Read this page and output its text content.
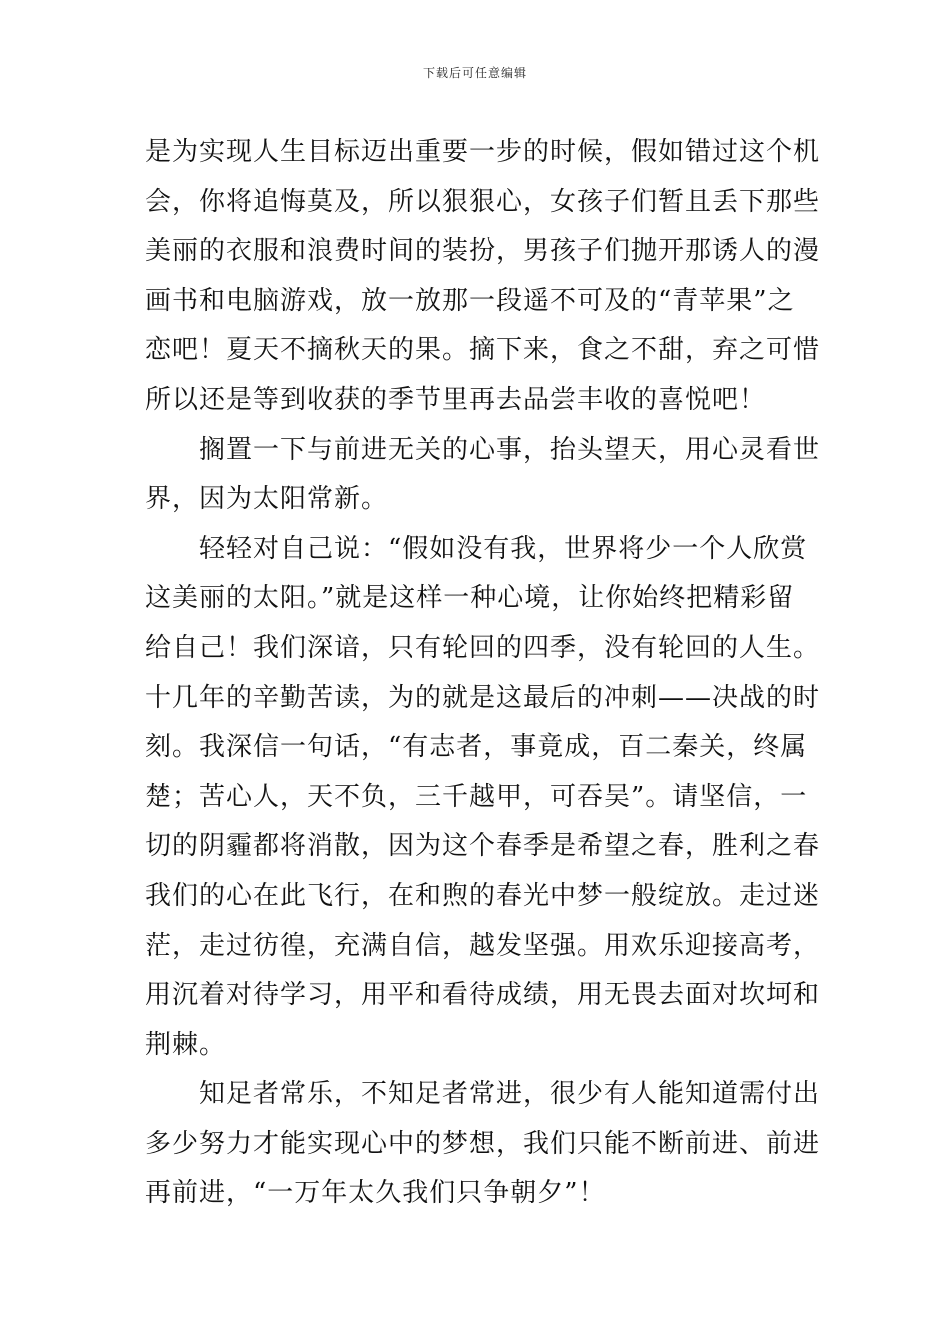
下载后可任意编辑
是为实现人生目标迈出重要一步的时候，假如错过这个机
会，你将追悔莫及，所以狠狠心，女孩子们暂且丢下那些
美丽的衣服和浪费时间的装扮，男孩子们抛开那诱人的漫
画书和电脑游戏，放一放那一段遥不可及的“青苹果”之
恋吧！夏天不摘秋天的果。摘下来，食之不甜，弃之可惜
所以还是等到收获的季节里再去品尝丰收的喜悦吧！
搁置一下与前进无关的心事，抬头望天，用心灵看世
界，因为太阳常新。
轻轻对自己说：“假如没有我，世界将少一个人欣赏
这美丽的太阳。”就是这样一种心境，让你始终把精彩留
给自己！我们深谙，只有轮回的四季，没有轮回的人生。
十几年的辛勤苦读，为的就是这最后的冲刺——决战的时
刻。我深信一句话，“有志者，事竟成，百二秦关，终属
楚；苦心人，天不负，三千越甲，可吞吴”。请坚信，一
切的阴霾都将消散，因为这个春季是希望之春，胜利之春
我们的心在此飞行，在和煦的春光中梦一般绽放。走过迷
茫，走过彷徨，充满自信，越发坚强。用欢乐迎接高考，
用沉着对待学习，用平和看待成绩，用无畏去面对坎坷和
荆棘。
知足者常乐，不知足者常进，很少有人能知道需付出
多少努力才能实现心中的梦想，我们只能不断前进、前进
再前进，“一万年太久我们只争朝夕”！
